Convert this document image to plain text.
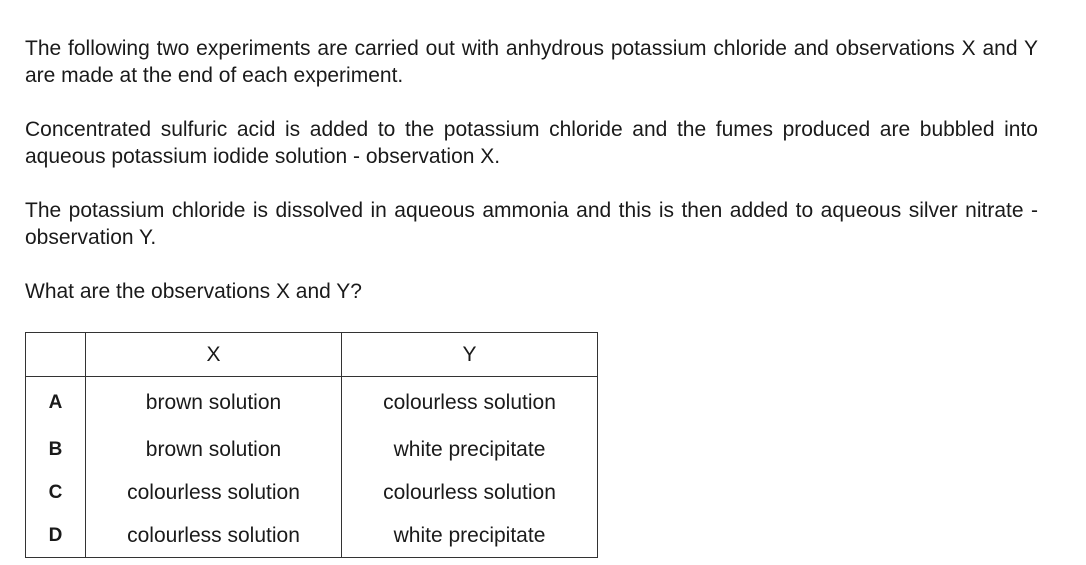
The following two experiments are carried out with anhydrous potassium chloride and observations X and Y are made at the end of each experiment.

Concentrated sulfuric acid is added to the potassium chloride and the fumes produced are bubbled into aqueous potassium iodide solution - observation X.

The potassium chloride is dissolved in aqueous ammonia and this is then added to aqueous silver nitrate - observation Y.

What are the observations X and Y?

	X	Y
A	brown solution	colourless solution
B	brown solution	white precipitate
C	colourless solution	colourless solution
D	colourless solution	white precipitate
